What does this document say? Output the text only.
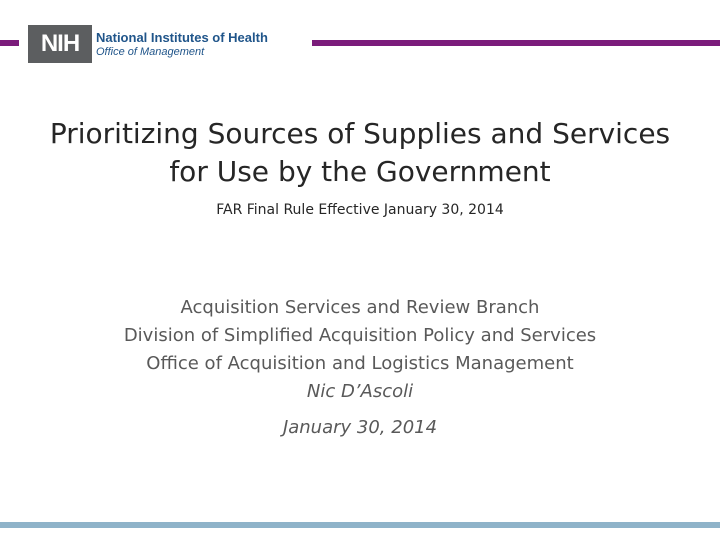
NIH	National Institutes of Health
Office of Management
Prioritizing Sources of Supplies and Services
for Use by the Government
FAR Final Rule Effective January 30, 2014
Acquisition Services and Review Branch
Division of Simplified Acquisition Policy and Services
Office of Acquisition and Logistics Management
Nic D’Ascoli
January 30, 2014
